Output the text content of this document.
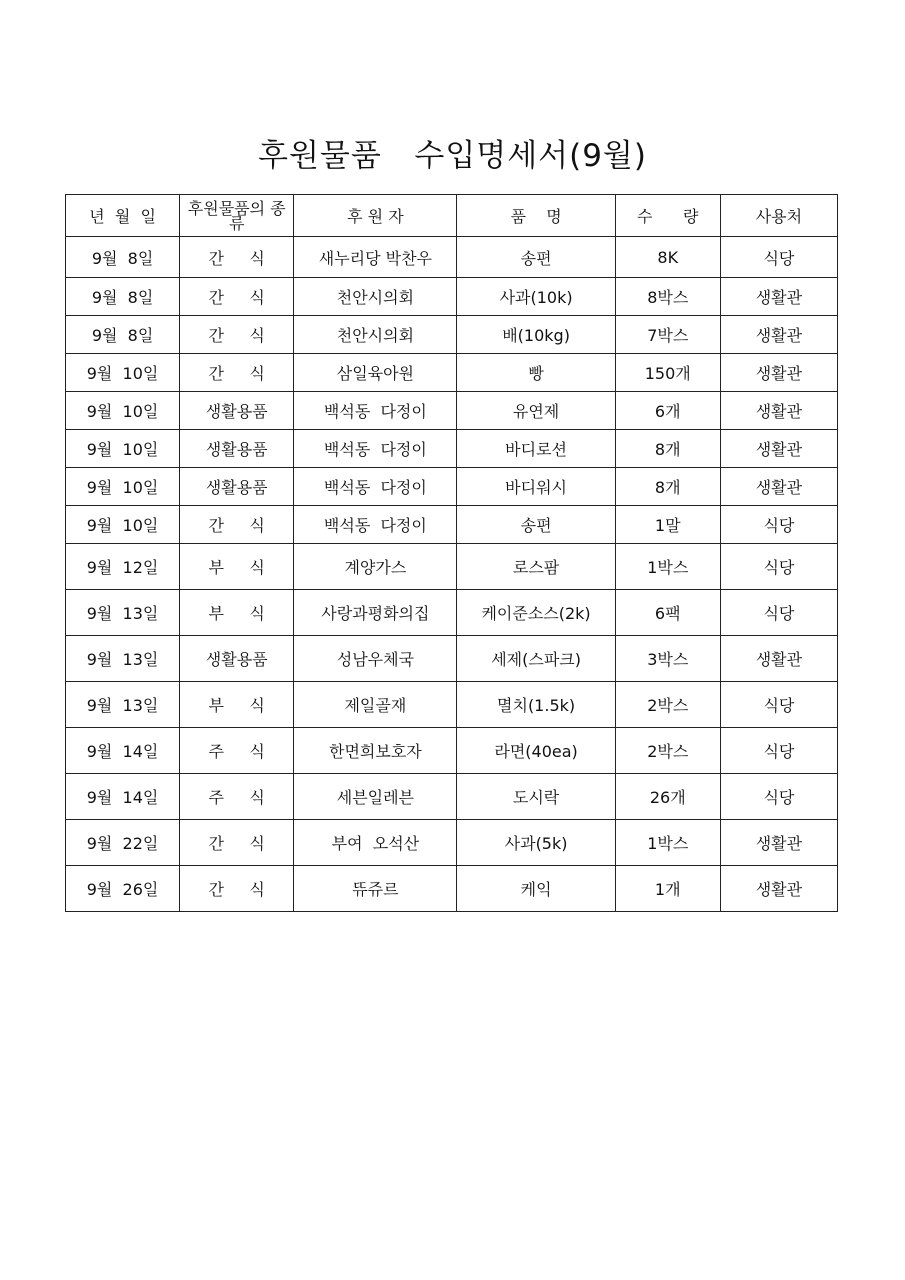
후원물품   수입명세서(9월)
년  월  일	후원물품의 종류	후 원 자	품    명	수      량	사용처
9월  8일	간     식	새누리당 박찬우	송편	8K	식당
9월  8일	간     식	천안시의회	사과(10k)	8박스	생활관
9월  8일	간     식	천안시의회	배(10kg)	7박스	생활관
9월  10일	간     식	삼일육아원	빵	150개	생활관
9월  10일	생활용품	백석동  다정이	유연제	6개	생활관
9월  10일	생활용품	백석동  다정이	바디로션	8개	생활관
9월  10일	생활용품	백석동  다정이	바디워시	8개	생활관
9월  10일	간     식	백석동  다정이	송편	1말	식당
9월  12일	부     식	계양가스	로스팜	1박스	식당
9월  13일	부     식	사랑과평화의집	케이준소스(2k)	6팩	식당
9월  13일	생활용품	성남우체국	세제(스파크)	3박스	생활관
9월  13일	부     식	제일골재	멸치(1.5k)	2박스	식당
9월  14일	주     식	한면희보호자	라면(40ea)	2박스	식당
9월  14일	주     식	세븐일레븐	도시락	26개	식당
9월  22일	간     식	부여  오석산	사과(5k)	1박스	생활관
9월  26일	간     식	뜌쥬르	케익	1개	생활관
